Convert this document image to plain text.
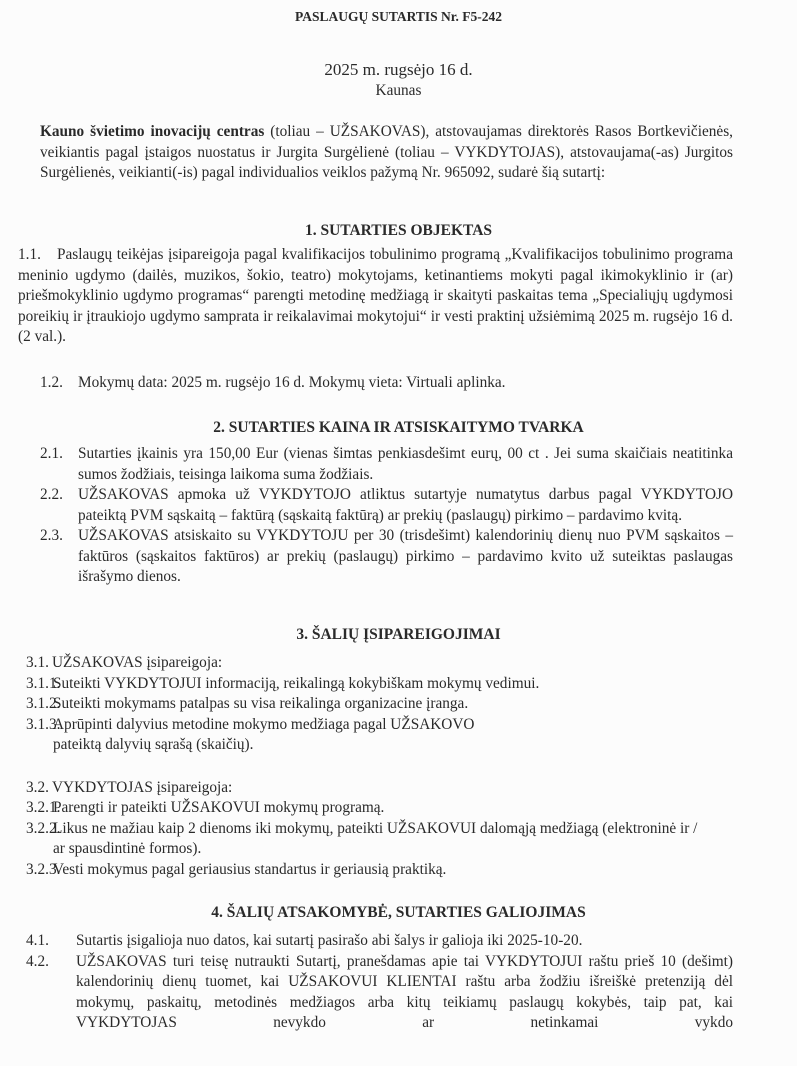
PASLAUGŲ SUTARTIS Nr. F5-242
2025 m. rugsėjo 16 d.
Kaunas
Kauno švietimo inovacijų centras (toliau – UŽSAKOVAS), atstovaujamas direktorės Rasos Bortkevičienės, veikiantis pagal įstaigos nuostatus ir Jurgita Surgėlienė (toliau – VYKDYTOJAS), atstovaujama(-as) Jurgitos Surgėlienės, veikianti(-is) pagal individualios veiklos pažymą Nr. 965092, sudarė šią sutartį:
1. SUTARTIES OBJEKTAS
1.1. Paslaugų teikėjas įsipareigoja pagal kvalifikacijos tobulinimo programą „Kvalifikacijos tobulinimo programa meninio ugdymo (dailės, muzikos, šokio, teatro) mokytojams, ketinantiems mokyti pagal ikimokyklinio ir (ar) priešmokyklinio ugdymo programas“ parengti metodinę medžiagą ir skaityti paskaitas tema „Specialiųjų ugdymosi poreikių ir įtraukiojo ugdymo samprata ir reikalavimai mokytojui“ ir vesti praktinį užsiėmimą 2025 m. rugsėjo 16 d. (2 val.).
1.2. Mokymų data: 2025 m. rugsėjo 16 d. Mokymų vieta: Virtuali aplinka.
2. SUTARTIES KAINA IR ATSISKAITYMO TVARKA
2.1. Sutarties įkainis yra 150,00 Eur (vienas šimtas penkiasdešimt eurų, 00 ct . Jei suma skaičiais neatitinka sumos žodžiais, teisinga laikoma suma žodžiais.
2.2. UŽSAKOVAS apmoka už VYKDYTOJO atliktus sutartyje numatytus darbus pagal VYKDYTOJO pateiktą PVM sąskaitą – faktūrą (sąskaitą faktūrą) ar prekių (paslaugų) pirkimo – pardavimo kvitą.
2.3. UŽSAKOVAS atsiskaito su VYKDYTOJU per 30 (trisdešimt) kalendorinių dienų nuo PVM sąskaitos – faktūros (sąskaitos faktūros) ar prekių (paslaugų) pirkimo – pardavimo kvito už suteiktas paslaugas išrašymo dienos.
3. ŠALIŲ ĮSIPAREIGOJIMAI
3.1. UŽSAKOVAS įsipareigoja:
3.1.1.
Suteikti VYKDYTOJUI informaciją, reikalingą kokybiškam mokymų vedimui.
3.1.2.
Suteikti mokymams patalpas su visa reikalinga organizacine įranga.
3.1.3.
Aprūpinti dalyvius metodine mokymo medžiaga pagal UŽSAKOVO pateiktą dalyvių sąrašą (skaičių).
3.2. VYKDYTOJAS įsipareigoja:
3.2.1.
Parengti ir pateikti UŽSAKOVUI mokymų programą.
3.2.2.
Likus ne mažiau kaip 2 dienoms iki mokymų, pateikti UŽSAKOVUI dalomąją medžiagą (elektroninė ir / ar spausdintinė formos).
3.2.3.
Vesti mokymus pagal geriausius standartus ir geriausią praktiką.
4. ŠALIŲ ATSAKOMYBĖ, SUTARTIES GALIOJIMAS
4.1.	Sutartis įsigalioja nuo datos, kai sutartį pasirašo abi šalys ir galioja iki 2025-10-20.
4.2.	UŽSAKOVAS turi teisę nutraukti Sutartį, pranešdamas apie tai VYKDYTOJUI raštu prieš 10 (dešimt) kalendorinių dienų tuomet, kai UŽSAKOVUI KLIENTAI raštu arba žodžiu išreiškė pretenziją dėl mokymų, paskaitų, metodinės medžiagos arba kitų teikiamų paslaugų kokybės, taip pat, kai VYKDYTOJAS nevykdo ar netinkamai vykdo
